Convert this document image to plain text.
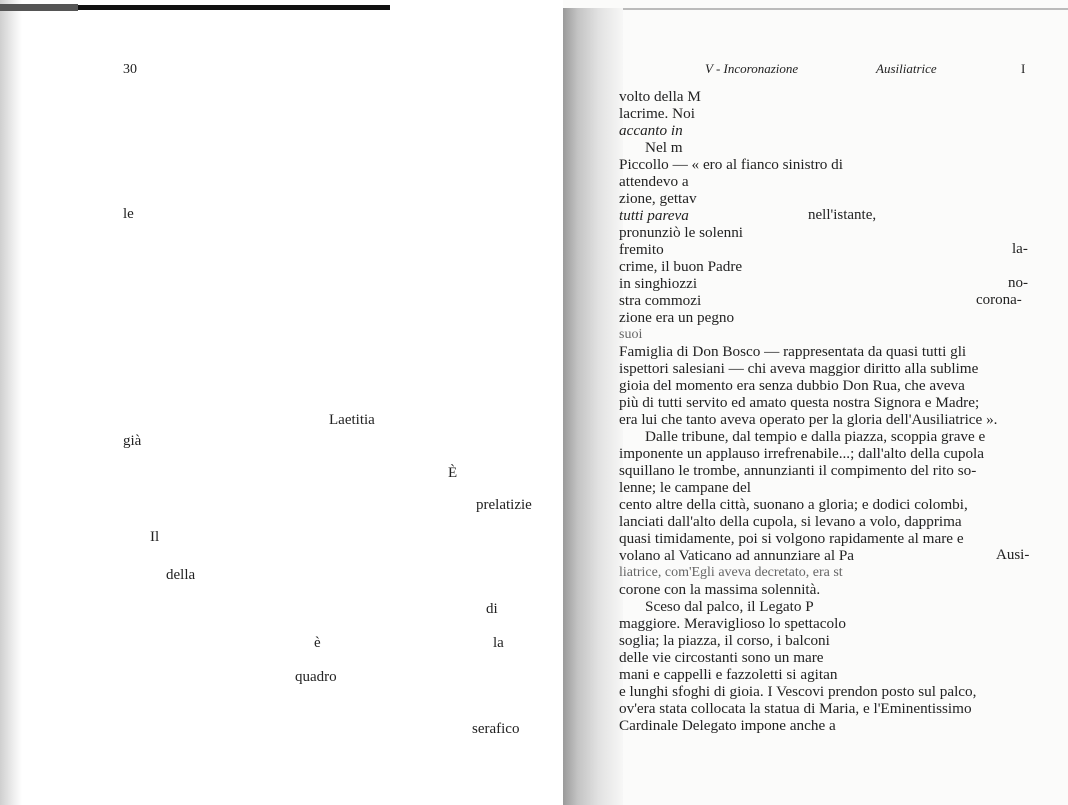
30
le
Laetitia
già
È
prelatizie
Il
della
di
è	la
quadro
serafico
V - Incoronazione	Ausiliatrice	I
volto della M
lacrime. Noi
accanto in
Nel m
Piccollo — « ero al fianco sinistro di
attendevo a
zione, gettav
tutti pareva
pronunziò le solenni
fremito
crime, il buon Padre
in singhiozzi
stra commozi
zione era un pegno
suoi
Famiglia di Don Bosco — rappresentata da quasi tutti gli
ispettori salesiani — chi aveva maggior diritto alla sublime
gioia del momento era senza dubbio Don Rua, che aveva
più di tutti servito ed amato questa nostra Signora e Madre;
era lui che tanto aveva operato per la gloria dell'Ausiliatrice ».
Dalle tribune, dal tempio e dalla piazza, scoppia grave e
imponente un applauso irrefrenabile...; dall'alto della cupola
squillano le trombe, annunzianti il compimento del rito so-
lenne; le campane del
cento altre della città, suonano a gloria; e dodici colombi,
lanciati dall'alto della cupola, si levano a volo, dapprima
quasi timidamente, poi si volgono rapidamente al mare e
volano al Vaticano ad annunziare al Pa
liatrice, com'Egli aveva decretato, era st
corone con la massima solennità.
Sceso dal palco, il Legato P
maggiore. Meraviglioso lo spettacolo
soglia; la piazza, il corso, i balconi
delle vie circostanti sono un mare
mani e cappelli e fazzoletti si agitan
e lunghi sfoghi di gioia. I Vescovi prendon posto sul palco,
ov'era stata collocata la statua di Maria, e l'Eminentissimo
Cardinale Delegato impone anche a
nell'istante,
la-
no-
corona-
Ausi-
